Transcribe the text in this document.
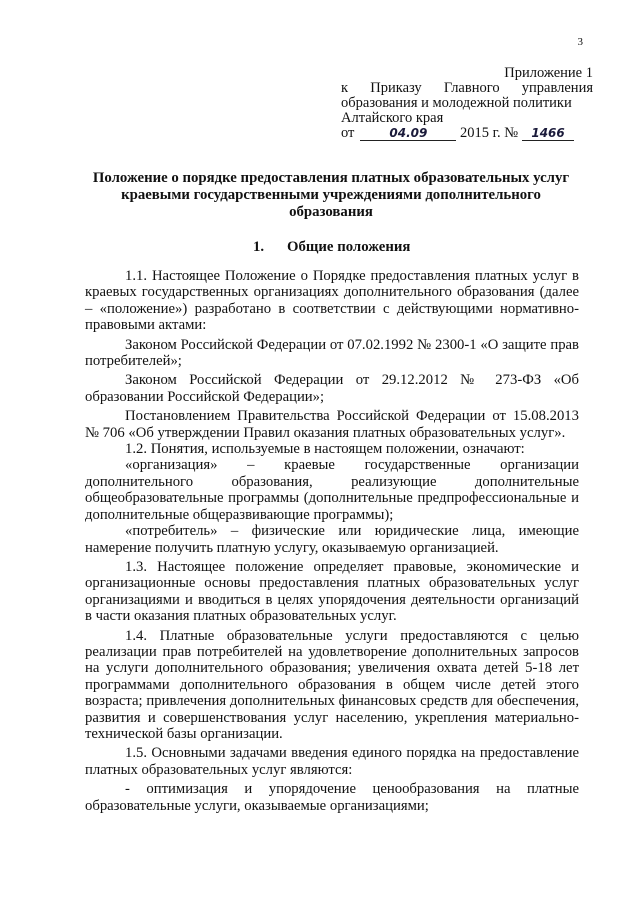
3
Приложение 1
к Приказу Главного управления
образования и молодежной политики
Алтайского края
от	04.09 2015 г. № 1466
Положение о порядке предоставления платных образовательных услуг краевыми государственными учреждениями дополнительного образования
1. Общие положения

1.1. Настоящее Положение о Порядке предоставления платных услуг в краевых государственных организациях дополнительного образования (далее – «положение») разработано в соответствии с действующими нормативно-правовыми актами:

Законом Российской Федерации от 07.02.1992 № 2300-1 «О защите прав потребителей»;

Законом Российской Федерации от 29.12.2012 № 273-ФЗ «Об образовании Российской Федерации»;

Постановлением Правительства Российской Федерации от 15.08.2013 № 706 «Об утверждении Правил оказания платных образовательных услуг».

1.2. Понятия, используемые в настоящем положении, означают:

«организация» – краевые государственные организации дополнительного образования, реализующие дополнительные общеобразовательные программы (дополнительные предпрофессиональные и дополнительные общеразвивающие программы);

«потребитель» – физические или юридические лица, имеющие намерение получить платную услугу, оказываемую организацией.

1.3. Настоящее положение определяет правовые, экономические и организационные основы предоставления платных образовательных услуг организациями и вводиться в целях упорядочения деятельности организаций в части оказания платных образовательных услуг.

1.4. Платные образовательные услуги предоставляются с целью реализации прав потребителей на удовлетворение дополнительных запросов на услуги дополнительного образования; увеличения охвата детей 5-18 лет программами дополнительного образования в общем числе детей этого возраста; привлечения дополнительных финансовых средств для обеспечения, развития и совершенствования услуг населению, укрепления материально-технической базы организации.

1.5. Основными задачами введения единого порядка на предоставление платных образовательных услуг являются:

- оптимизация и упорядочение ценообразования на платные образовательные услуги, оказываемые организациями;
